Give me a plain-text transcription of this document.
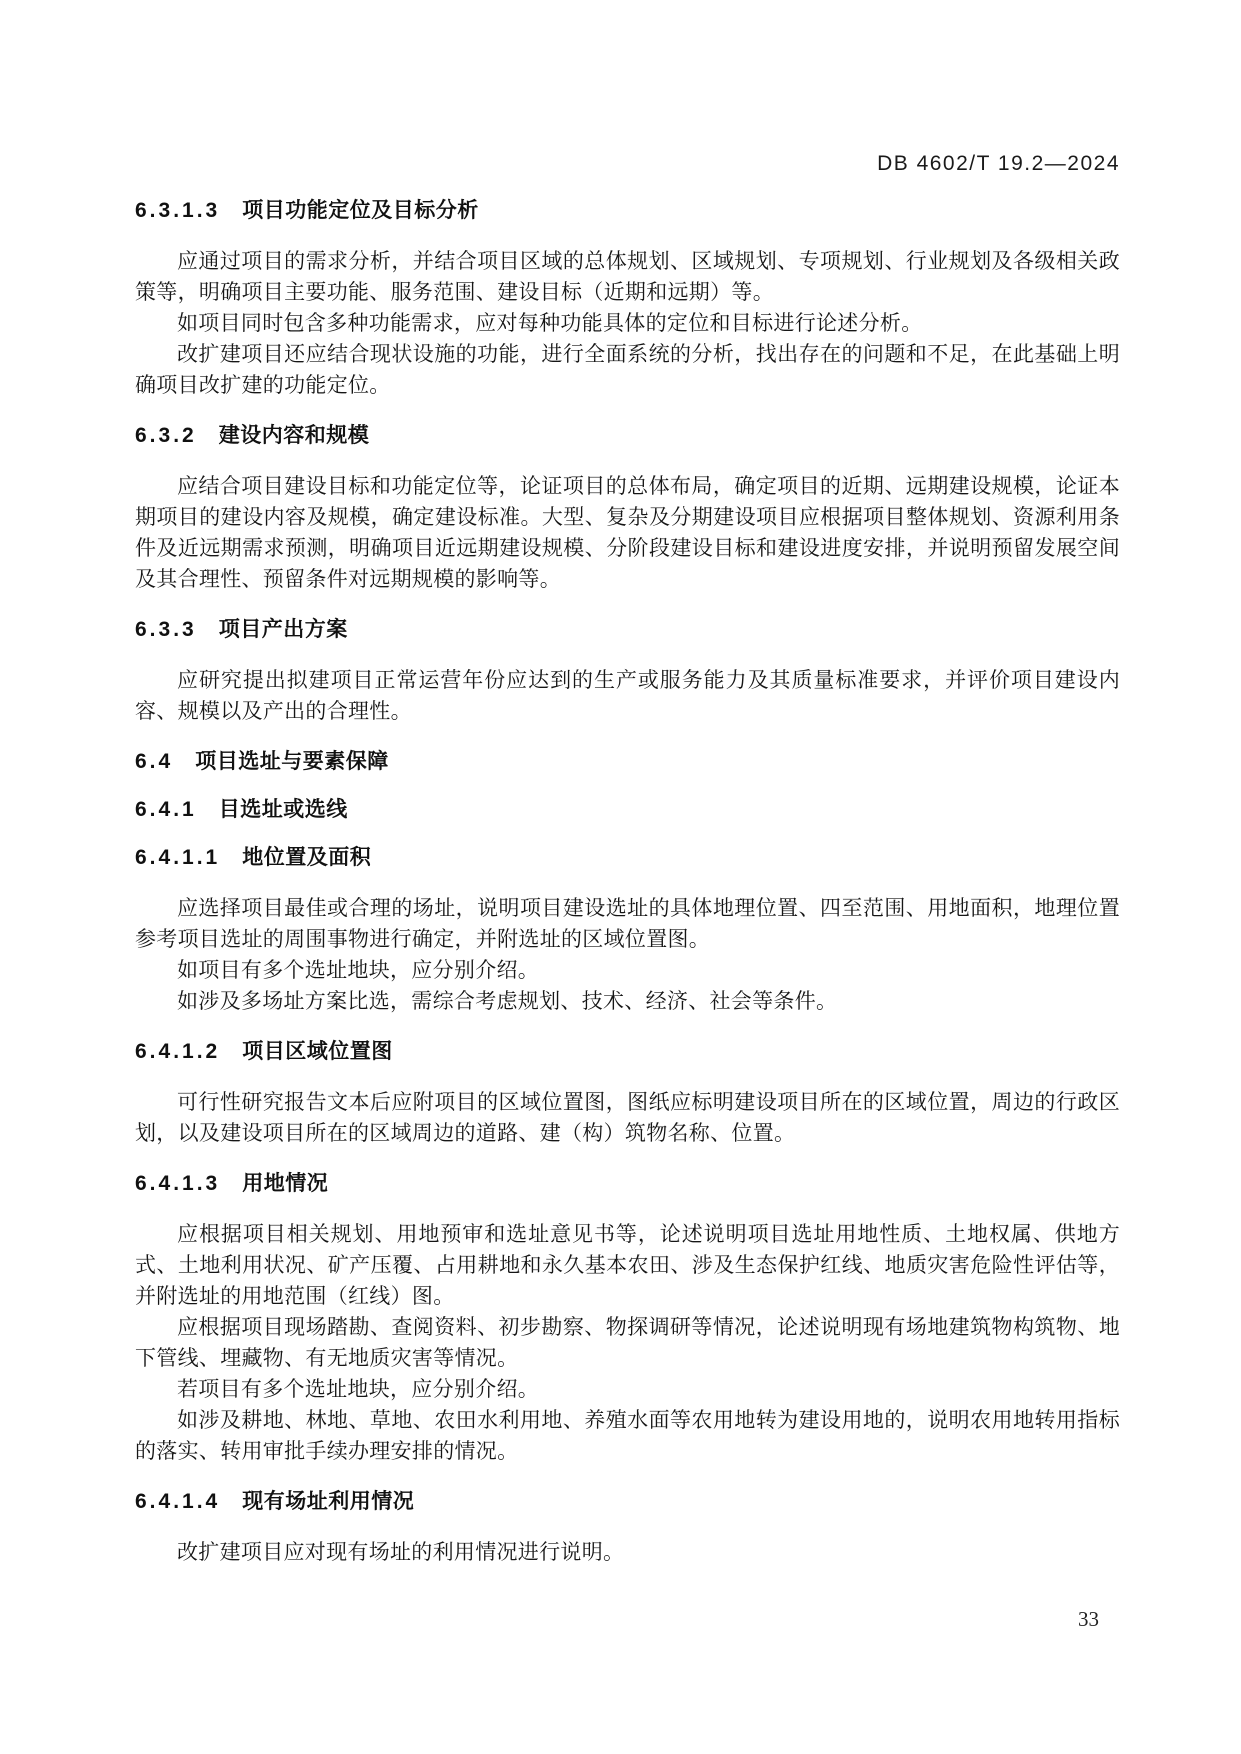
DB 4602/T 19.2—2024
6.3.1.3 项目功能定位及目标分析

应通过项目的需求分析，并结合项目区域的总体规划、区域规划、专项规划、行业规划及各级相关政策等，明确项目主要功能、服务范围、建设目标（近期和远期）等。

如项目同时包含多种功能需求，应对每种功能具体的定位和目标进行论述分析。

改扩建项目还应结合现状设施的功能，进行全面系统的分析，找出存在的问题和不足，在此基础上明确项目改扩建的功能定位。

6.3.2 建设内容和规模

应结合项目建设目标和功能定位等，论证项目的总体布局，确定项目的近期、远期建设规模，论证本期项目的建设内容及规模，确定建设标准。大型、复杂及分期建设项目应根据项目整体规划、资源利用条件及近远期需求预测，明确项目近远期建设规模、分阶段建设目标和建设进度安排，并说明预留发展空间及其合理性、预留条件对远期规模的影响等。

6.3.3 项目产出方案

应研究提出拟建项目正常运营年份应达到的生产或服务能力及其质量标准要求，并评价项目建设内容、规模以及产出的合理性。

6.4 项目选址与要素保障
6.4.1 目选址或选线
6.4.1.1 地位置及面积

应选择项目最佳或合理的场址，说明项目建设选址的具体地理位置、四至范围、用地面积，地理位置参考项目选址的周围事物进行确定，并附选址的区域位置图。

如项目有多个选址地块，应分别介绍。

如涉及多场址方案比选，需综合考虑规划、技术、经济、社会等条件。

6.4.1.2 项目区域位置图

可行性研究报告文本后应附项目的区域位置图，图纸应标明建设项目所在的区域位置，周边的行政区划，以及建设项目所在的区域周边的道路、建（构）筑物名称、位置。

6.4.1.3 用地情况

应根据项目相关规划、用地预审和选址意见书等，论述说明项目选址用地性质、土地权属、供地方式、土地利用状况、矿产压覆、占用耕地和永久基本农田、涉及生态保护红线、地质灾害危险性评估等，并附选址的用地范围（红线）图。

应根据项目现场踏勘、查阅资料、初步勘察、物探调研等情况，论述说明现有场地建筑物构筑物、地下管线、埋藏物、有无地质灾害等情况。

若项目有多个选址地块，应分别介绍。

如涉及耕地、林地、草地、农田水利用地、养殖水面等农用地转为建设用地的，说明农用地转用指标的落实、转用审批手续办理安排的情况。

6.4.1.4 现有场址利用情况

改扩建项目应对现有场址的利用情况进行说明。

33
